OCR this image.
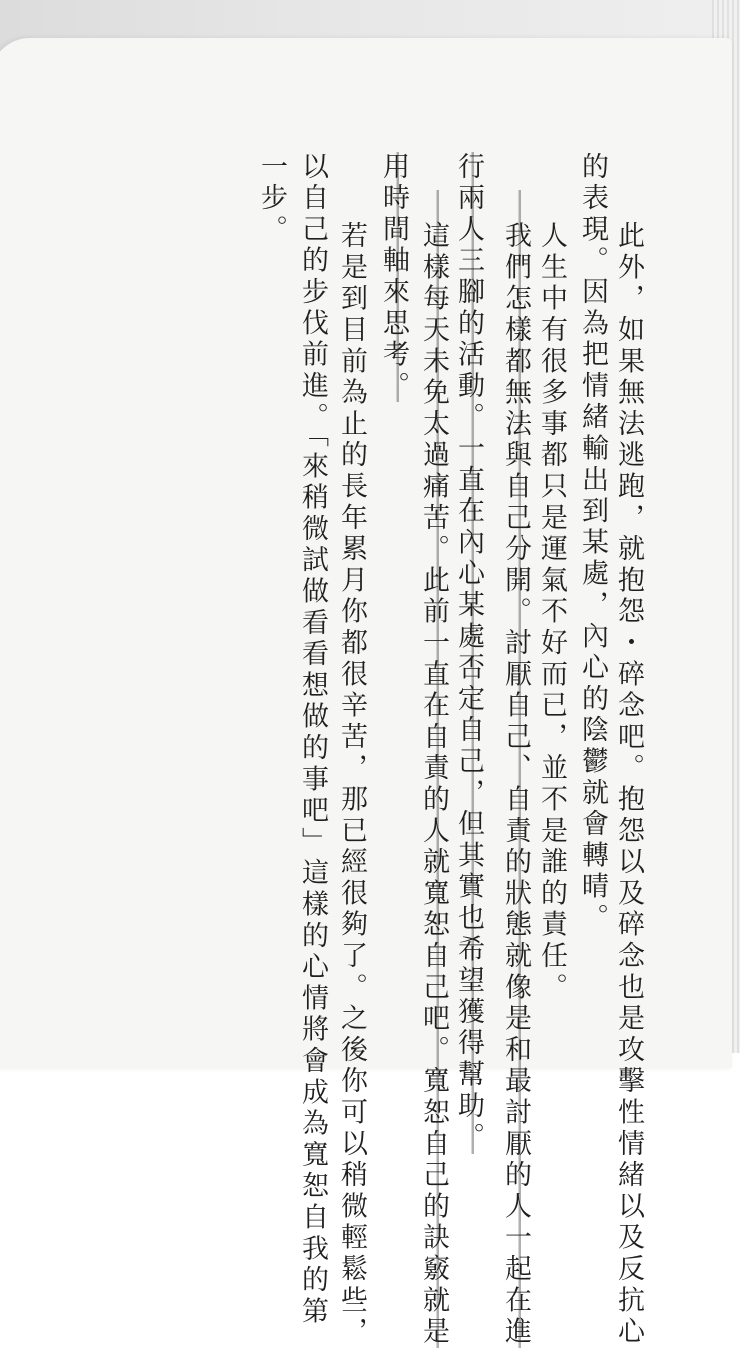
　此外，如果無法逃跑，就抱怨・碎念吧。抱怨以及碎念也是攻擊性情緒以及反抗心
的表現。因為把情緒輸出到某處，內心的陰鬱就會轉晴。
　人生中有很多事都只是運氣不好而已，並不是誰的責任。
　我們怎樣都無法與自己分開。討厭自己、自責的狀態就像是和最討厭的人一起在進
行兩人三腳的活動。一直在內心某處否定自己，但其實也希望獲得幫助。
　這樣每天未免太過痛苦。此前一直在自責的人就寬恕自己吧。寬恕自己的訣竅就是
用時間軸來思考。
　若是到目前為止的長年累月你都很辛苦，那已經很夠了。之後你可以稍微輕鬆些，
以自己的步伐前進。「來稍微試做看看想做的事吧」這樣的心情將會成為寬恕自我的第
一步。
